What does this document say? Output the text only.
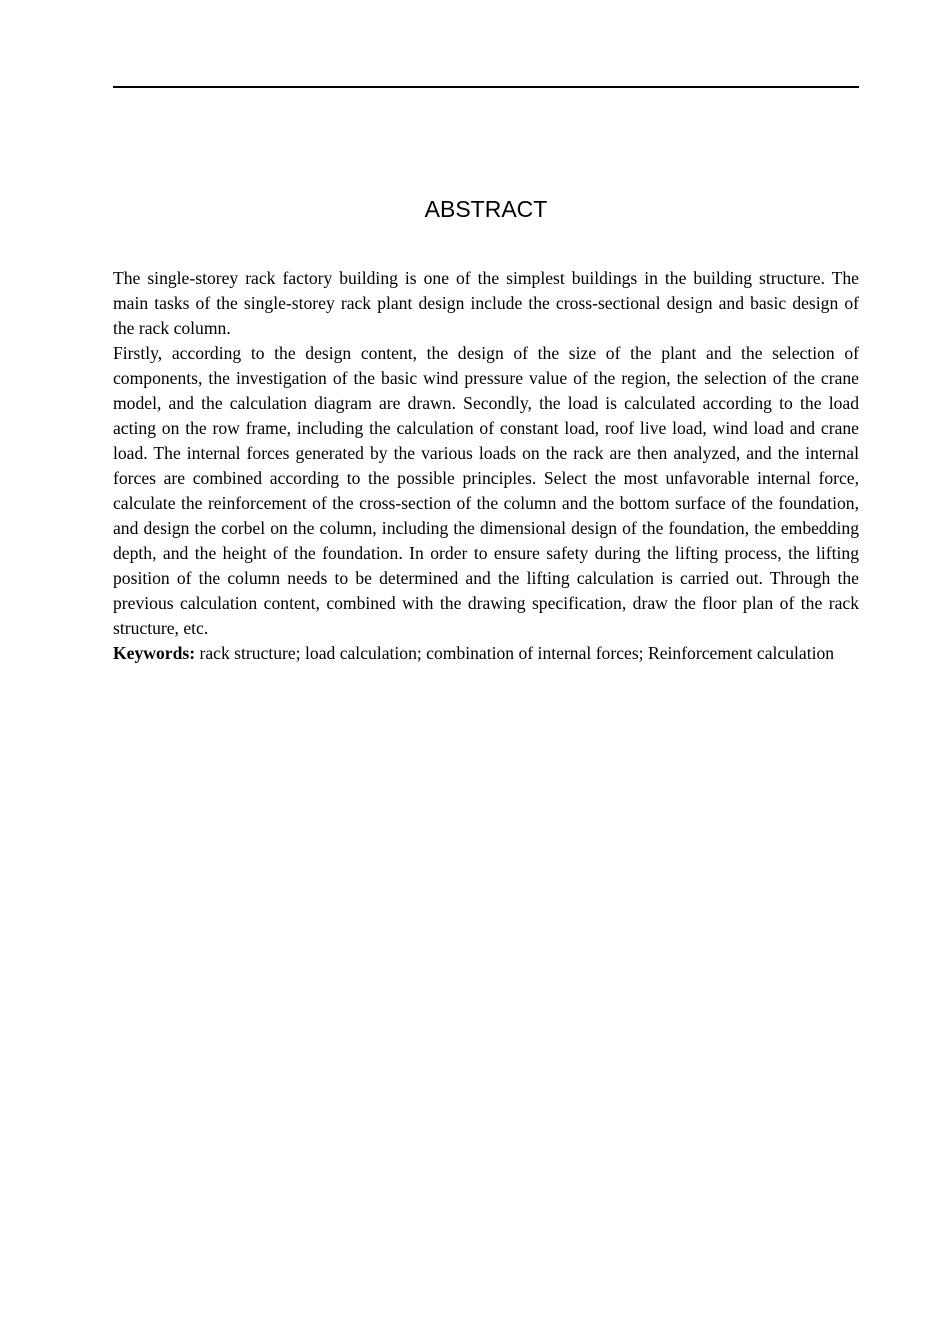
ABSTRACT

The single-storey rack factory building is one of the simplest buildings in the building structure. The main tasks of the single-storey rack plant design include the cross-sectional design and basic design of the rack column.

Firstly, according to the design content, the design of the size of the plant and the selection of components, the investigation of the basic wind pressure value of the region, the selection of the crane model, and the calculation diagram are drawn. Secondly, the load is calculated according to the load acting on the row frame, including the calculation of constant load, roof live load, wind load and crane load. The internal forces generated by the various loads on the rack are then analyzed, and the internal forces are combined according to the possible principles. Select the most unfavorable internal force, calculate the reinforcement of the cross-section of the column and the bottom surface of the foundation, and design the corbel on the column, including the dimensional design of the foundation, the embedding depth, and the height of the foundation. In order to ensure safety during the lifting process, the lifting position of the column needs to be determined and the lifting calculation is carried out. Through the previous calculation content, combined with the drawing specification, draw the floor plan of the rack structure, etc.

Keywords: rack structure; load calculation; combination of internal forces; Reinforcement calculation
